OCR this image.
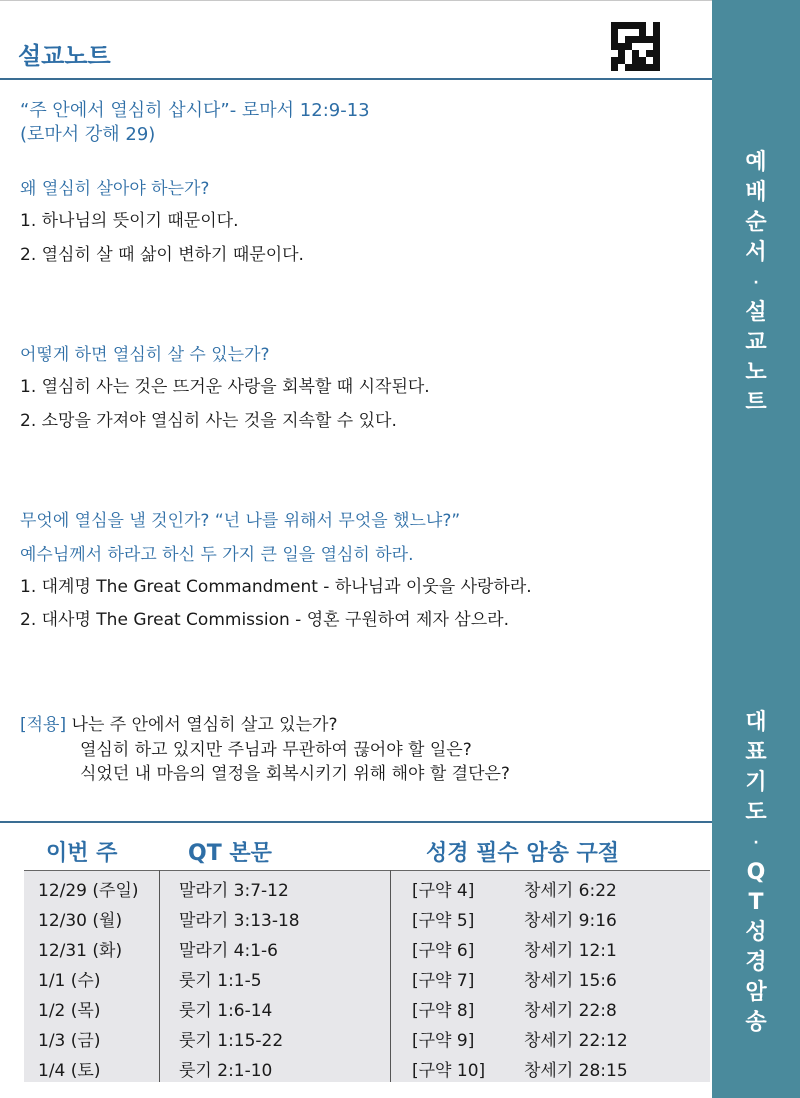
설교노트
예
배
순
서
·
설
교
노
트
대
표
기
도
·
Q
T
성
경
암
송
“주 안에서 열심히 삽시다”- 로마서 12:9-13
(로마서 강해 29)
왜 열심히 살아야 하는가?
1. 하나님의 뜻이기 때문이다.
2. 열심히 살 때 삶이 변하기 때문이다.
어떻게 하면 열심히 살 수 있는가?
1. 열심히 사는 것은 뜨거운 사랑을 회복할 때 시작된다.
2. 소망을 가져야 열심히 사는 것을 지속할 수 있다.
무엇에 열심을 낼 것인가? “넌 나를 위해서 무엇을 했느냐?”
예수님께서 하라고 하신 두 가지 큰 일을 열심히 하라.
1. 대계명 The Great Commandment - 하나님과 이웃을 사랑하라.
2. 대사명 The Great Commission - 영혼 구원하여 제자 삼으라.
[적용] 나는 주 안에서 열심히 살고 있는가?
열심히 하고 있지만 주님과 무관하여 끊어야 할 일은?
식었던 내 마음의 열정을 회복시키기 위해 해야 할 결단은?
이번 주	QT 본문	성경 필수 암송 구절
12/29 (주일) 말라기 3:7-12	[구약 4]	창세기 6:22
12/30 (월)	말라기 3:13-18	[구약 5]	창세기 9:16
12/31 (화)	말라기 4:1-6	[구약 6]	창세기 12:1
1/1 (수)	룻기 1:1-5	[구약 7]	창세기 15:6
1/2 (목)	룻기 1:6-14	[구약 8]	창세기 22:8
1/3 (금)	룻기 1:15-22	[구약 9]	창세기 22:12
1/4 (토)	룻기 2:1-10	[구약 10] 창세기 28:15
